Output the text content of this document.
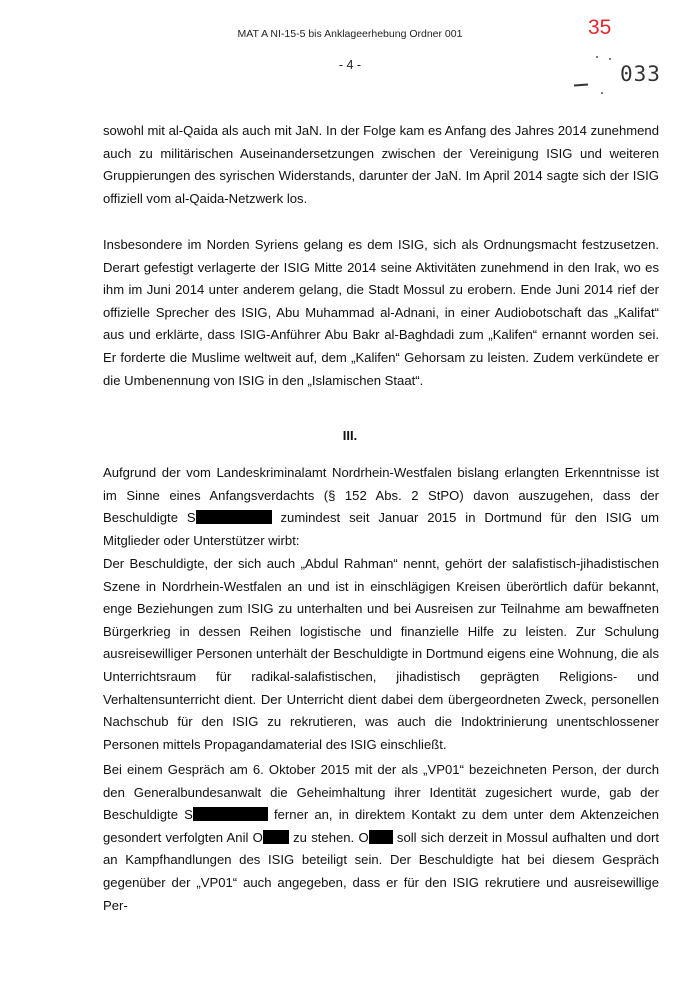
MAT A NI-15-5 bis Anklageerhebung Ordner 001	35
- 4 -	033

sowohl mit al-Qaida als auch mit JaN. In der Folge kam es Anfang des Jahres 2014 zunehmend auch zu militärischen Auseinandersetzungen zwischen der Vereinigung ISIG und weiteren Gruppierungen des syrischen Widerstands, darunter der JaN. Im April 2014 sagte sich der ISIG offiziell vom al-Qaida-Netzwerk los.

Insbesondere im Norden Syriens gelang es dem ISIG, sich als Ordnungsmacht festzusetzen. Derart gefestigt verlagerte der ISIG Mitte 2014 seine Aktivitäten zunehmend in den Irak, wo es ihm im Juni 2014 unter anderem gelang, die Stadt Mossul zu erobern. Ende Juni 2014 rief der offizielle Sprecher des ISIG, Abu Muhammad al-Adnani, in einer Audiobotschaft das „Kalifat“ aus und erklärte, dass ISIG-Anführer Abu Bakr al-Baghdadi zum „Kalifen“ ernannt worden sei. Er forderte die Muslime weltweit auf, dem „Kalifen“ Gehorsam zu leisten. Zudem verkündete er die Umbenennung von ISIG in den „Islamischen Staat“.

III.

Aufgrund der vom Landeskriminalamt Nordrhein-Westfalen bislang erlangten Erkenntnisse ist im Sinne eines Anfangsverdachts (§ 152 Abs. 2 StPO) davon auszugehen, dass der Beschuldigte S	zumindest seit Januar 2015 in Dortmund für den ISIG um Mitglieder oder Unterstützer wirbt:

Der Beschuldigte, der sich auch „Abdul Rahman“ nennt, gehört der salafistisch-jihadistischen Szene in Nordrhein-Westfalen an und ist in einschlägigen Kreisen überörtlich dafür bekannt, enge Beziehungen zum ISIG zu unterhalten und bei Ausreisen zur Teilnahme am bewaffneten Bürgerkrieg in dessen Reihen logistische und finanzielle Hilfe zu leisten. Zur Schulung ausreisewilliger Personen unterhält der Beschuldigte in Dortmund eigens eine Wohnung, die als Unterrichtsraum für radikal-salafistischen, jihadistisch geprägten Religions- und Verhaltensunterricht dient. Der Unterricht dient dabei dem übergeordneten Zweck, personellen Nachschub für den ISIG zu rekrutieren, was auch die Indoktrinierung unentschlossener Personen mittels Propagandamaterial des ISIG einschließt.

Bei einem Gespräch am 6. Oktober 2015 mit der als „VP01“ bezeichneten Person, der durch den Generalbundesanwalt die Geheimhaltung ihrer Identität zugesichert wurde, gab der Beschuldigte S	ferner an, in direktem Kontakt zu dem unter dem Aktenzeichen gesondert verfolgten Anil O zu stehen. O soll sich derzeit in Mossul aufhalten und dort an Kampfhandlungen des ISIG beteiligt sein. Der Beschuldigte hat bei diesem Gespräch gegenüber der „VP01“ auch angegeben, dass er für den ISIG rekrutiere und ausreisewillige Per-
